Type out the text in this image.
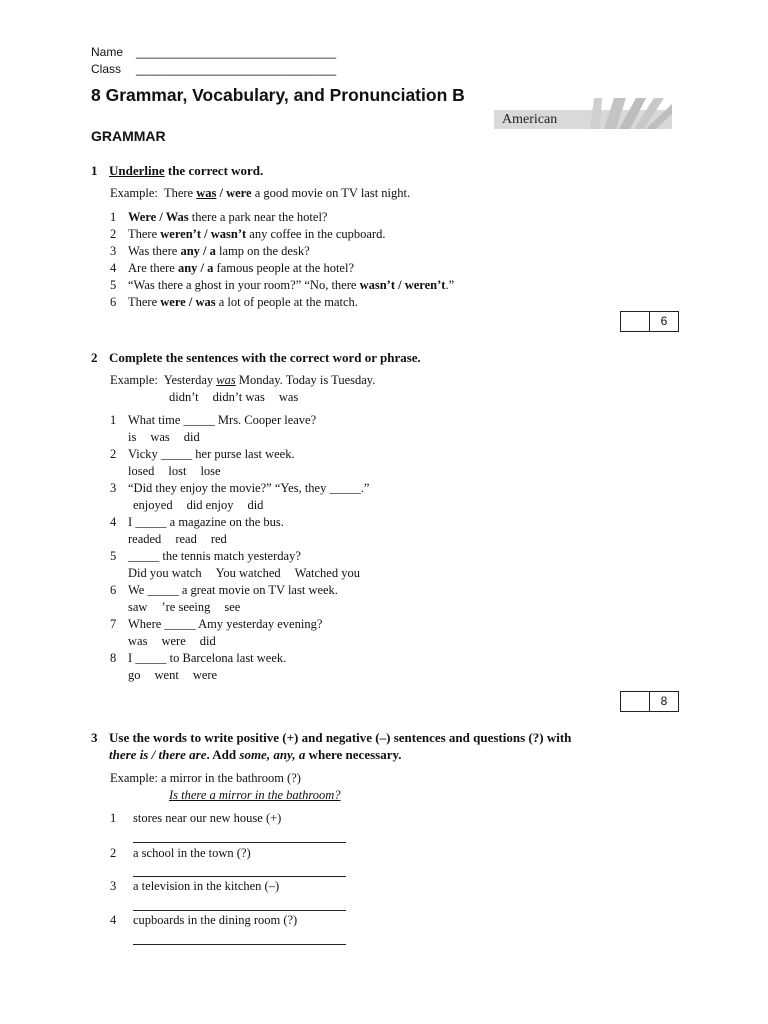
Name ______________________________
Class ______________________________
8 Grammar, Vocabulary, and Pronunciation B
American
GRAMMAR
1 Underline the correct word.
Example: There was / were a good movie on TV last night.
1 Were / Was there a park near the hotel?
2 There weren’t / wasn’t any coffee in the cupboard.
3 Was there any / a lamp on the desk?
4 Are there any / a famous people at the hotel?
5 “Was there a ghost in your room?” “No, there wasn’t / weren’t.”
6 There were / was a lot of people at the match.
6
2 Complete the sentences with the correct word or phrase.
Example: Yesterday was Monday. Today is Tuesday.
didn’t didn’t was was
1 What time _____ Mrs. Cooper leave?
is was did
2 Vicky _____ her purse last week.
losed lost lose
3 “Did they enjoy the movie?” “Yes, they _____.”
enjoyed did enjoy did
4 I _____ a magazine on the bus.
readed read red
5 _____ the tennis match yesterday?
Did you watch You watched Watched you
6 We _____ a great movie on TV last week.
saw ’re seeing see
7 Where _____ Amy yesterday evening?
was were did
8 I _____ to Barcelona last week.
go went were
8
3 Use the words to write positive (+) and negative (–) sentences and questions (?) with
there is / there are. Add some, any, a where necessary.
Example: a mirror in the bathroom (?)
Is there a mirror in the bathroom?
1 stores near our new house (+)
2 a school in the town (?)
3 a television in the kitchen (–)
4 cupboards in the dining room (?)
